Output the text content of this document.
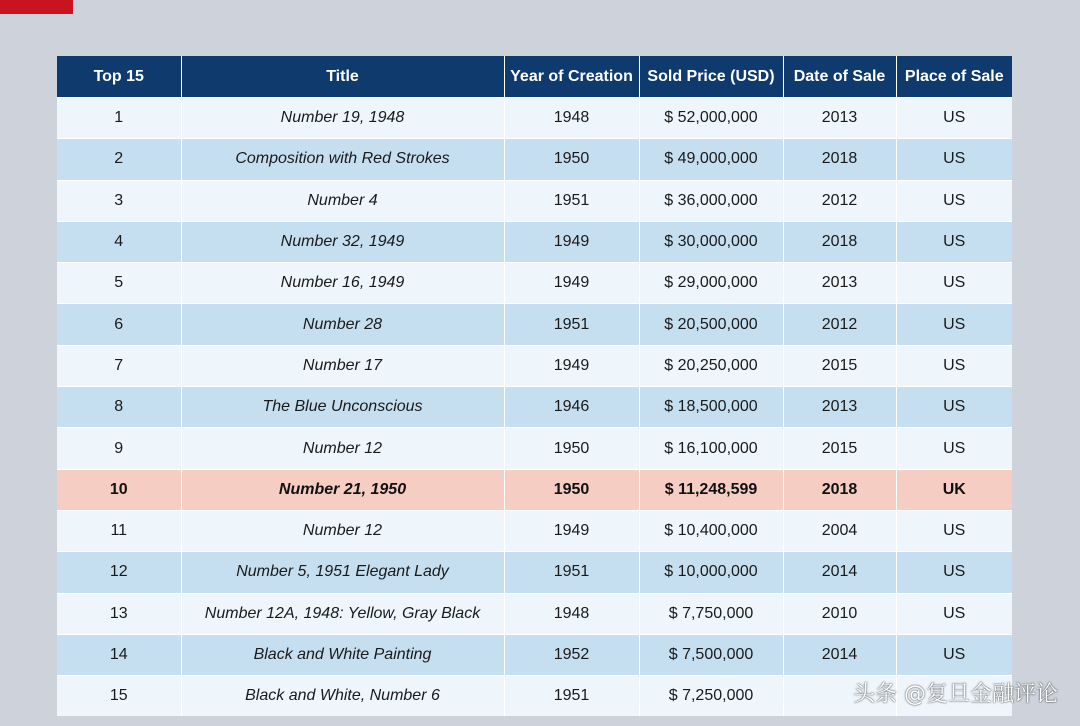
Top 15	Title	Year of Creation	Sold Price (USD)	Date of Sale	Place of Sale
1	Number 19, 1948	1948	$ 52,000,000	2013	US
2	Composition with Red Strokes	1950	$ 49,000,000	2018	US
3	Number 4	1951	$ 36,000,000	2012	US
4	Number 32, 1949	1949	$ 30,000,000	2018	US
5	Number 16, 1949	1949	$ 29,000,000	2013	US
6	Number 28	1951	$ 20,500,000	2012	US
7	Number 17	1949	$ 20,250,000	2015	US
8	The Blue Unconscious	1946	$ 18,500,000	2013	US
9	Number 12	1950	$ 16,100,000	2015	US
10	Number 21, 1950	1950	$ 11,248,599	2018	UK
11	Number 12	1949	$ 10,400,000	2004	US
12	Number 5, 1951 Elegant Lady	1951	$ 10,000,000	2014	US
13	Number 12A, 1948: Yellow, Gray Black	1948	$ 7,750,000	2010	US
14	Black and White Painting	1952	$ 7,500,000	2014	US
15	Black and White, Number 6	1951	$ 7,250,000			头条 @复旦金融评论
